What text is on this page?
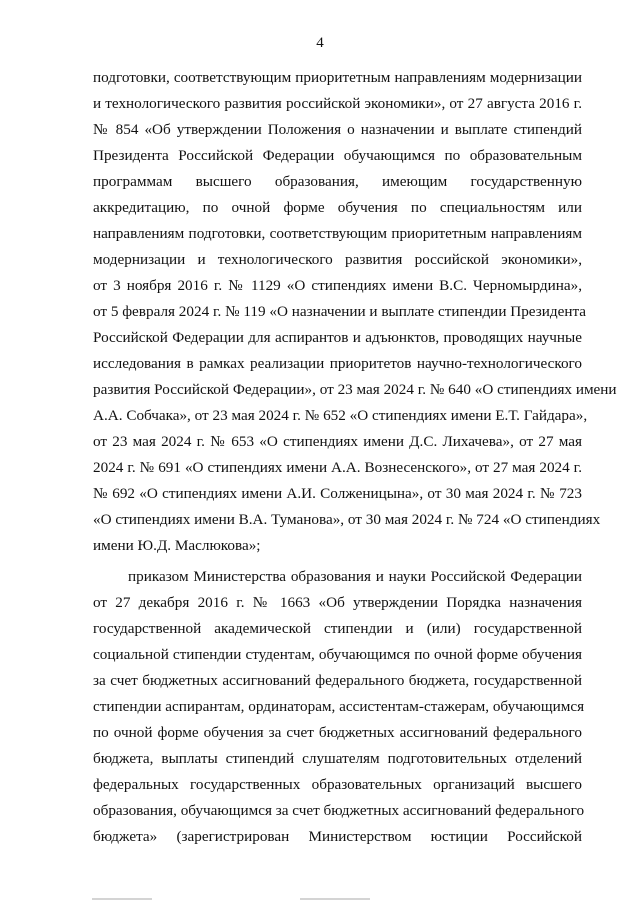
4
подготовки, соответствующим приоритетным направлениям модернизации
и технологического развития российской экономики», от 27 августа 2016 г.
№ 854 «Об утверждении Положения о назначении и выплате стипендий
Президента Российской Федерации обучающимся по образовательным
программам высшего образования, имеющим государственную
аккредитацию, по очной форме обучения по специальностям или
направлениям подготовки, соответствующим приоритетным направлениям
модернизации и технологического развития российской экономики»,
от 3 ноября 2016 г. № 1129 «О стипендиях имени В.С. Черномырдина»,
от 5 февраля 2024 г. № 119 «О назначении и выплате стипендии Президента
Российской Федерации для аспирантов и адъюнктов, проводящих научные
исследования в рамках реализации приоритетов научно-технологического
развития Российской Федерации», от 23 мая 2024 г. № 640 «О стипендиях имени
А.А. Собчака», от 23 мая 2024 г. № 652 «О стипендиях имени Е.Т. Гайдара»,
от 23 мая 2024 г. № 653 «О стипендиях имени Д.С. Лихачева», от 27 мая
2024 г. № 691 «О стипендиях имени А.А. Вознесенского», от 27 мая 2024 г.
№ 692 «О стипендиях имени А.И. Солженицына», от 30 мая 2024 г. № 723
«О стипендиях имени В.А. Туманова», от 30 мая 2024 г. № 724 «О стипендиях
имени Ю.Д. Маслюкова»;
приказом Министерства образования и науки Российской Федерации
от 27 декабря 2016 г. № 1663 «Об утверждении Порядка назначения
государственной академической стипендии и (или) государственной
социальной стипендии студентам, обучающимся по очной форме обучения
за счет бюджетных ассигнований федерального бюджета, государственной
стипендии аспирантам, ординаторам, ассистентам-стажерам, обучающимся
по очной форме обучения за счет бюджетных ассигнований федерального
бюджета, выплаты стипендий слушателям подготовительных отделений
федеральных государственных образовательных организаций высшего
образования, обучающимся за счет бюджетных ассигнований федерального
бюджета» (зарегистрирован Министерством юстиции Российской
